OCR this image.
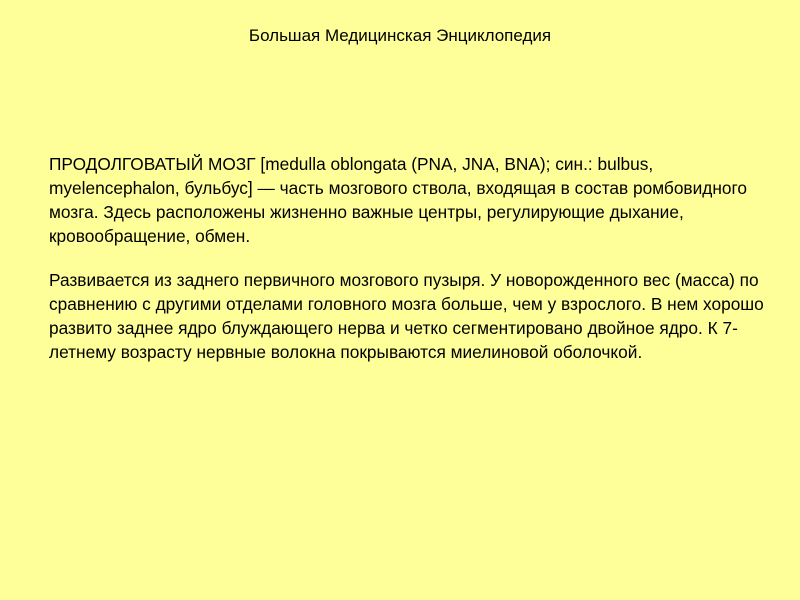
Большая Медицинская Энциклопедия

ПРОДОЛГОВАТЫЙ МОЗГ [medulla oblongata (PNA, JNA, BNA); син.: bulbus, myelencephalon, бульбус] — часть мозгового ствола, входящая в состав ромбовидного мозга. Здесь расположены жизненно важные центры, регулирующие дыхание, кровообращение, обмен.

Развивается из заднего первичного мозгового пузыря. У новорожденного вес (масса) по сравнению с другими отделами головного мозга больше, чем у взрослого. В нем хорошо развито заднее ядро блуждающего нерва и четко сегментировано двойное ядро. К 7-летнему возрасту нервные волокна покрываются миелиновой оболочкой.
